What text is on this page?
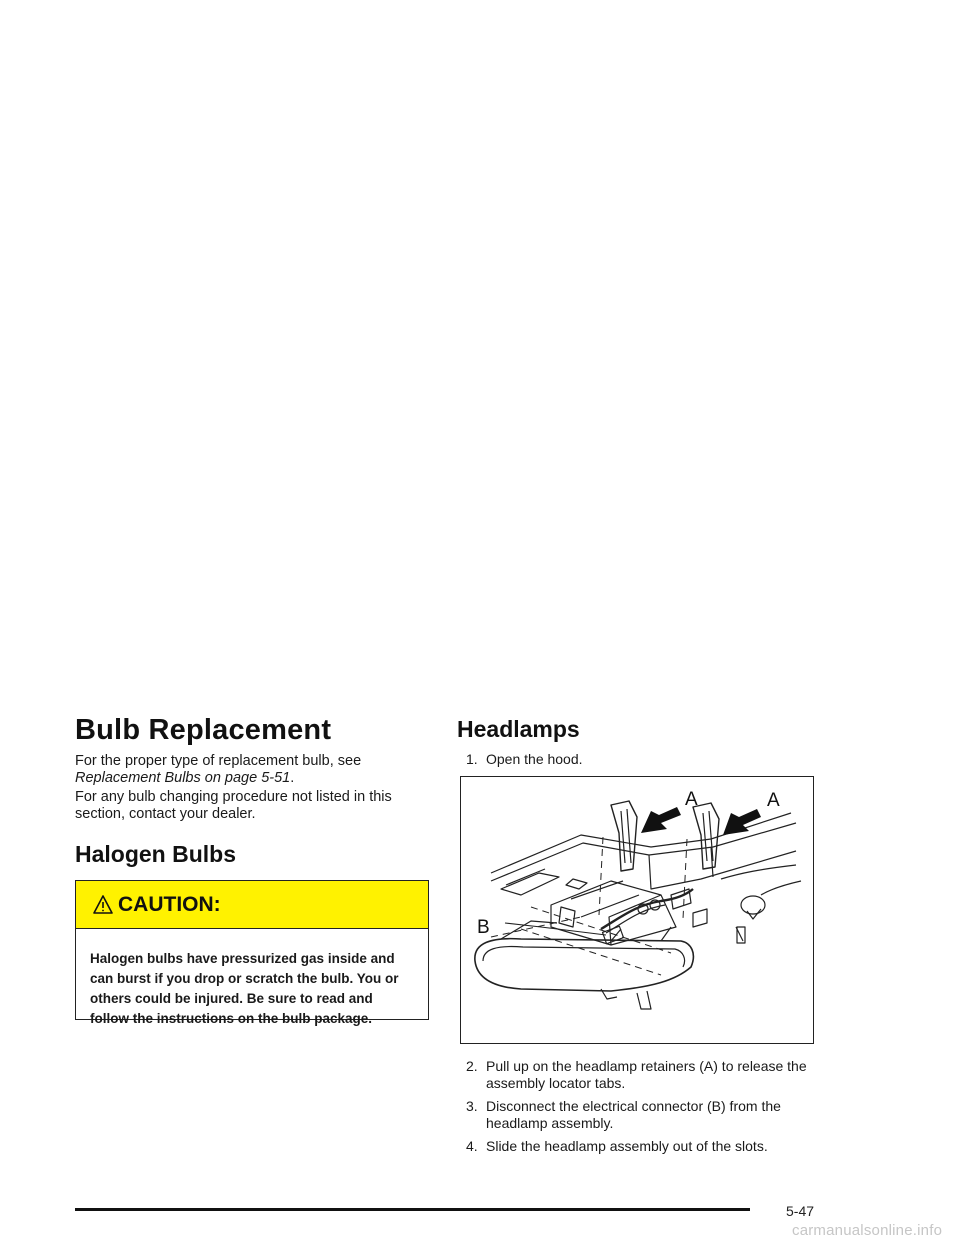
Bulb Replacement

For the proper type of replacement bulb, see
Replacement Bulbs on page 5-51.

For any bulb changing procedure not listed in this section, contact your dealer.

Halogen Bulbs
CAUTION:
Halogen bulbs have pressurized gas inside and can burst if you drop or scratch the bulb. You or others could be injured. Be sure to read and follow the instructions on the bulb package.
Headlamps
1. Open the hood.
A	A
B
2. Pull up on the headlamp retainers (A) to release the assembly locator tabs.
3. Disconnect the electrical connector (B) from the headlamp assembly.
4. Slide the headlamp assembly out of the slots.
5-47
carmanualsonline.info
